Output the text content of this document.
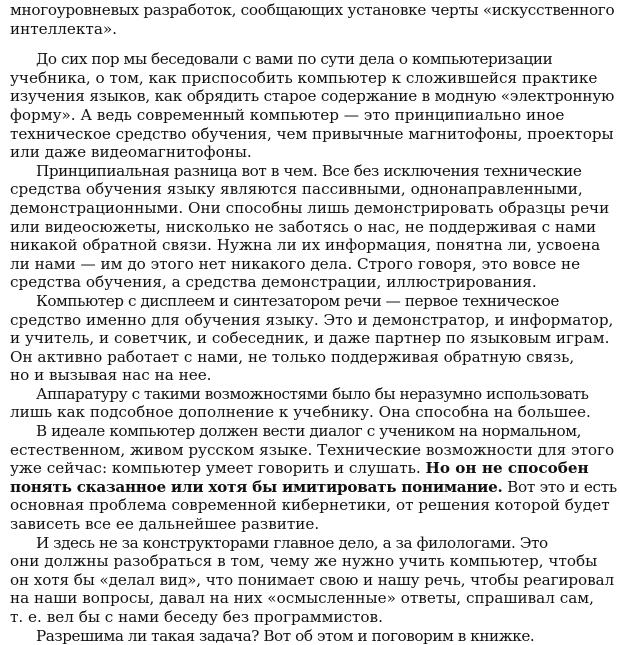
многоуровневых разработок, сообщающих установке черты «искусственного
интеллекта».
До сих пор мы беседовали с вами по сути дела о компьютеризации
учебника, о том, как приспособить компьютер к сложившейся практике
изучения языков, как обрядить старое содержание в модную «электронную
форму». А ведь современный компьютер — это принципиально иное
техническое средство обучения, чем привычные магнитофоны, проекторы
или даже видеомагнитофоны.
Принципиальная разница вот в чем. Все без исключения технические
средства обучения языку являются пассивными, однонаправленными,
демонстрационными. Они способны лишь демонстрировать образцы речи
или видеосюжеты, нисколько не заботясь о нас, не поддерживая с нами
никакой обратной связи. Нужна ли их информация, понятна ли, усвоена
ли нами — им до этого нет никакого дела. Строго говоря, это вовсе не
средства обучения, а средства демонстрации, иллюстрирования.
Компьютер с дисплеем и синтезатором речи — первое техническое
средство именно для обучения языку. Это и демонстратор, и информатор,
и учитель, и советчик, и собеседник, и даже партнер по языковым играм.
Он активно работает с нами, не только поддерживая обратную связь,
но и вызывая нас на нее.
Аппаратуру с такими возможностями было бы неразумно использовать
лишь как подсобное дополнение к учебнику. Она способна на большее.
В идеале компьютер должен вести диалог с учеником на нормальном,
естественном, живом русском языке. Технические возможности для этого
уже сейчас: компьютер умеет говорить и слушать. Но он не способен
понять сказанное или хотя бы имитировать понимание. Вот это и есть
основная проблема современной кибернетики, от решения которой будет
зависеть все ее дальнейшее развитие.
И здесь не за конструкторами главное дело, а за филологами. Это
они должны разобраться в том, чему же нужно учить компьютер, чтобы
он хотя бы «делал вид», что понимает свою и нашу речь, чтобы реагировал
на наши вопросы, давал на них «осмысленные» ответы, спрашивал сам,
т. е. вел бы с нами беседу без программистов.
Разрешима ли такая задача? Вот об этом и поговорим в книжке.
